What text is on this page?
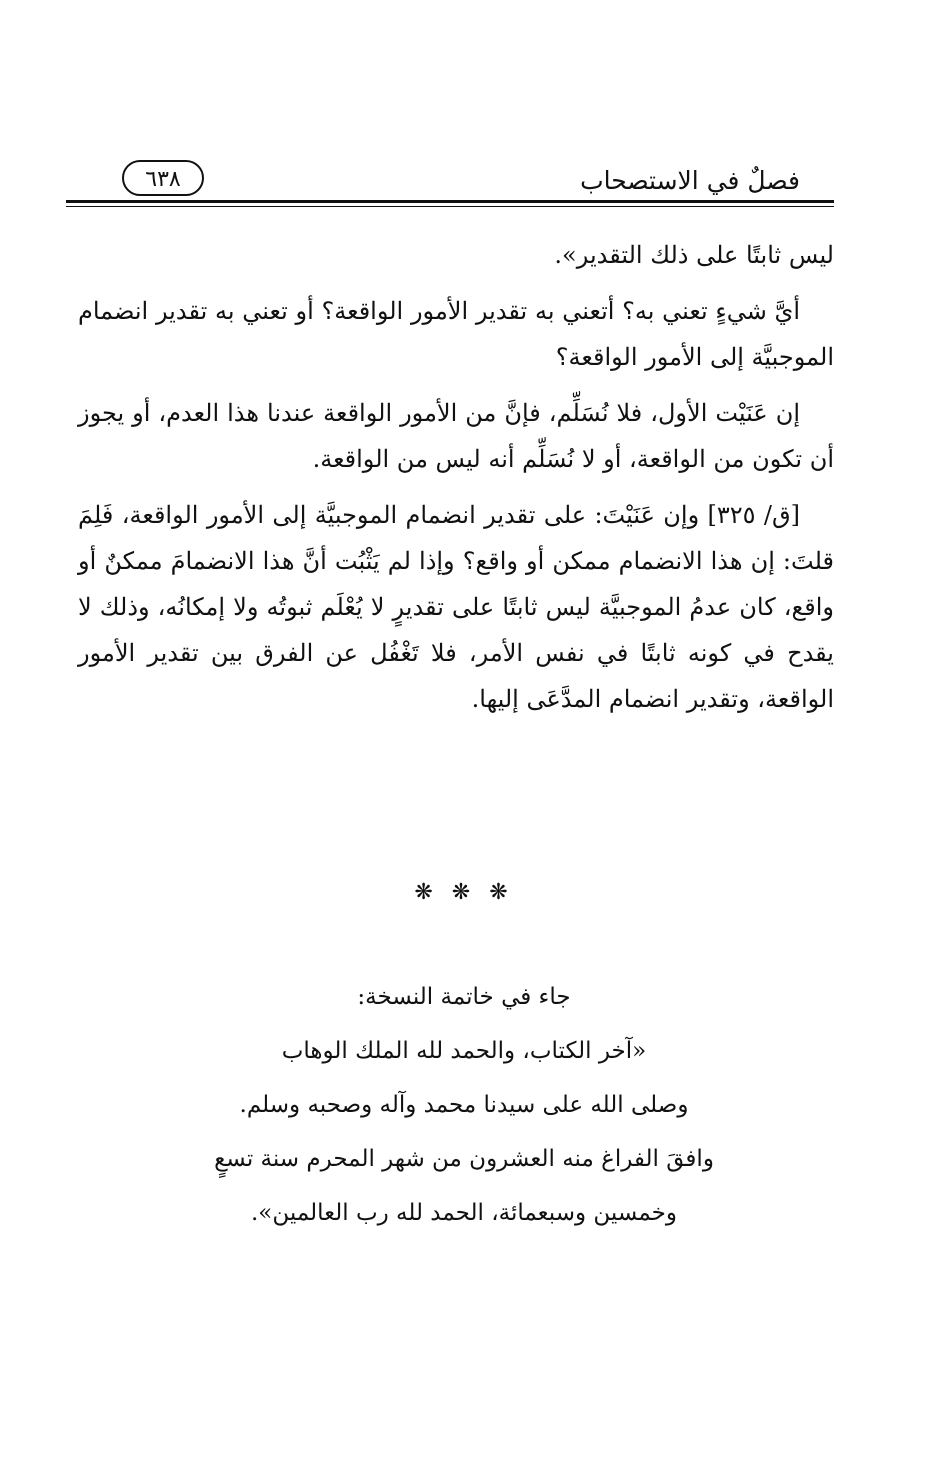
فصلٌ في الاستصحاب
٦٣٨

ليس ثابتًا على ذلك التقدير».

أيَّ شيءٍ تعني به؟ أتعني به تقدير الأمور الواقعة؟ أو تعني به تقدير انضمام الموجبيَّة إلى الأمور الواقعة؟

إن عَنَيْت الأول، فلا نُسَلِّم، فإنَّ من الأمور الواقعة عندنا هذا العدم، أو يجوز أن تكون من الواقعة، أو لا نُسَلِّم أنه ليس من الواقعة.

[ق/ ٣٢٥] وإن عَنَيْتَ: على تقدير انضمام الموجبيَّة إلى الأمور الواقعة، فَلِمَ قلتَ: إن هذا الانضمام ممكن أو واقع؟ وإذا لم يَثْبُت أنَّ هذا الانضمامَ ممكنٌ أو واقع، كان عدمُ الموجبيَّة ليس ثابتًا على تقديرٍ لا يُعْلَم ثبوتُه ولا إمكانُه، وذلك لا يقدح في كونه ثابتًا في نفس الأمر، فلا تَغْفُل عن الفرق بين تقدير الأمور الواقعة، وتقدير انضمام المدَّعَى إليها.

❋ ❋ ❋
جاء في خاتمة النسخة:
«آخر الكتاب، والحمد لله الملك الوهاب
وصلى الله على سيدنا محمد وآله وصحبه وسلم.
وافقَ الفراغ منه العشرون من شهر المحرم سنة تسعٍ
وخمسين وسبعمائة، الحمد لله رب العالمين».
